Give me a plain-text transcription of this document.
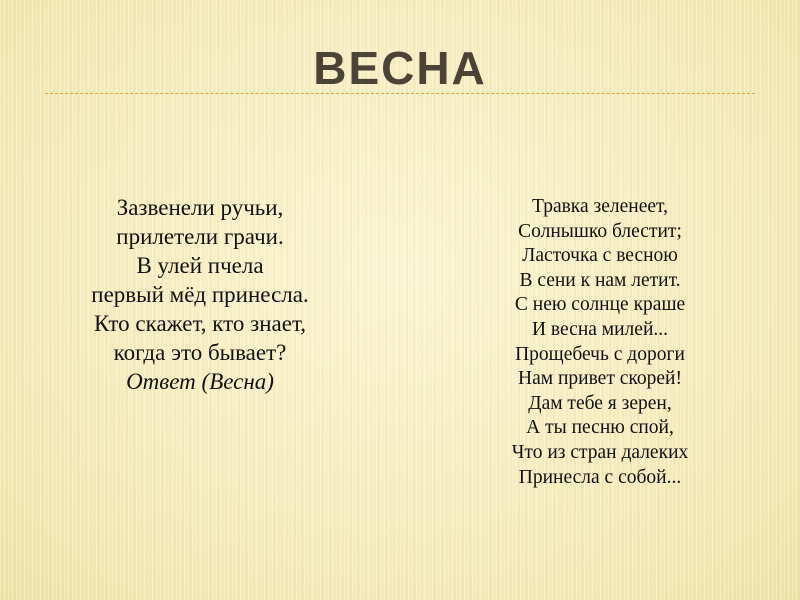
ВЕСНА
Зазвенели ручьи,
прилетели грачи.
В улей пчела
первый мёд принесла.
Кто скажет, кто знает,
когда это бывает?
Ответ (Весна)
Травка зеленеет,
Солнышко блестит;
Ласточка с весною
В сени к нам летит.
С нею солнце краше
И весна милей...
Прощебечь с дороги
Нам привет скорей!
Дам тебе я зерен,
А ты песню спой,
Что из стран далеких
Принесла с собой...
